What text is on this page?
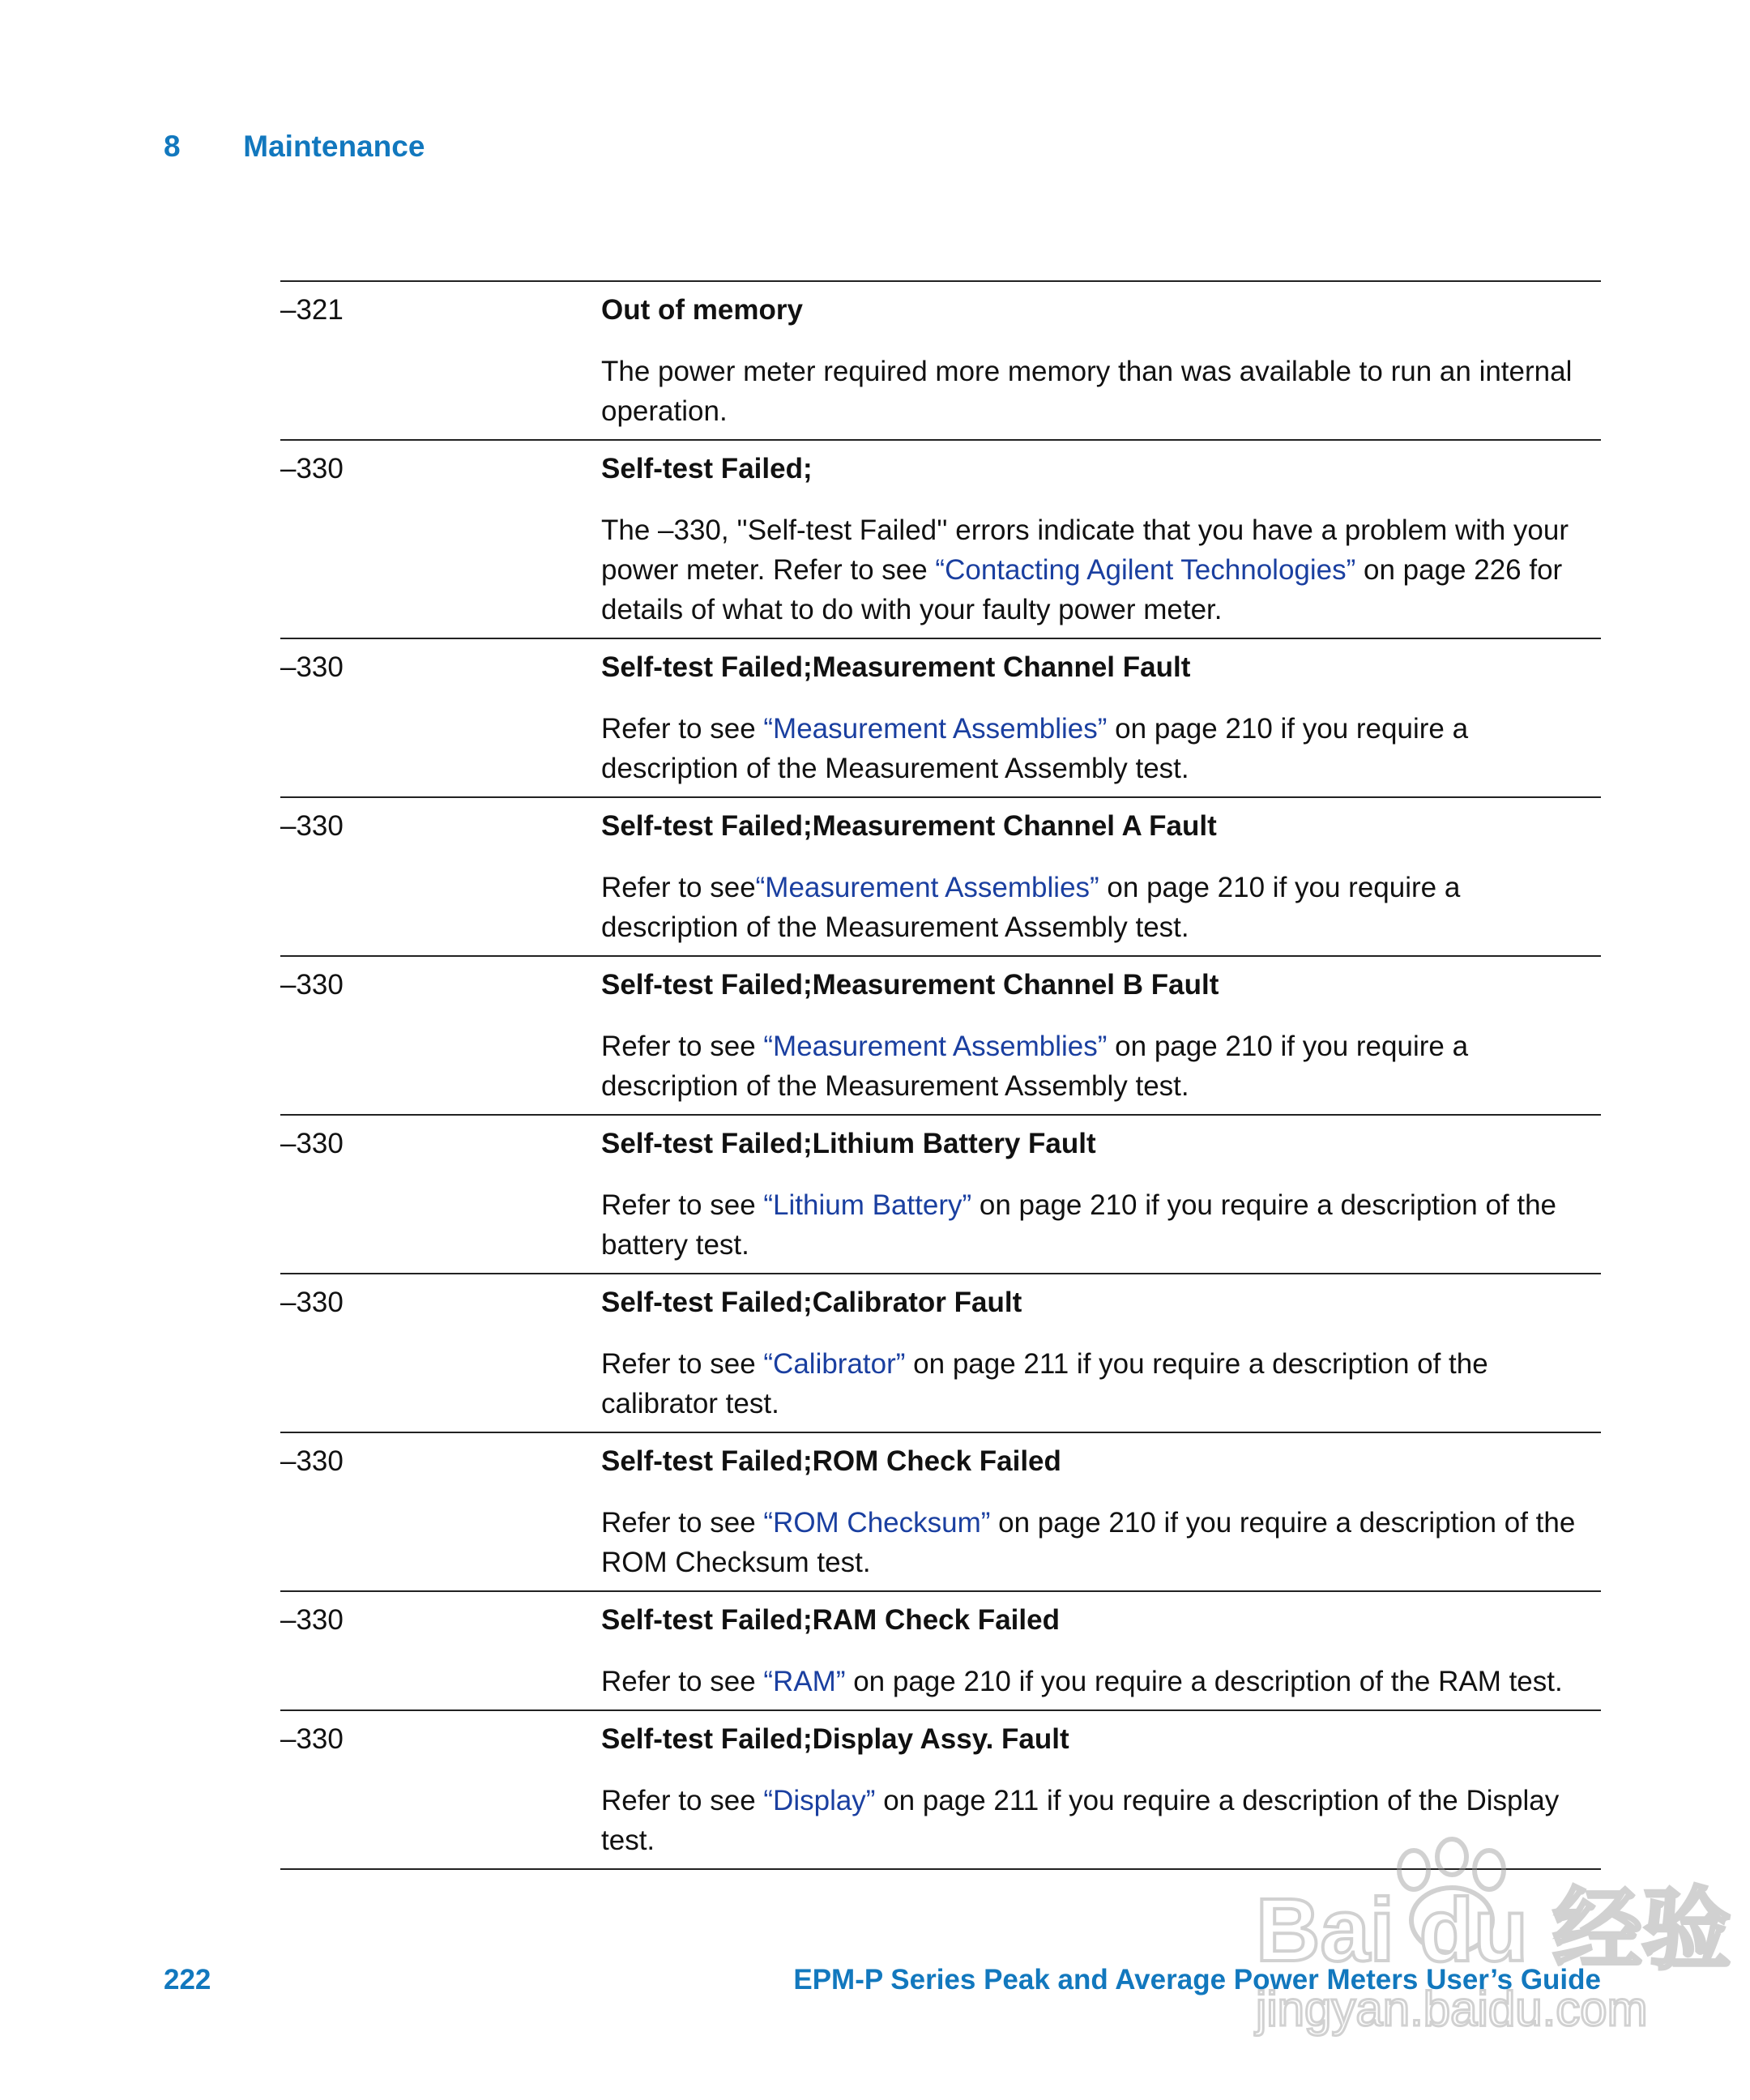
8 Maintenance
–321	Out of memory

The power meter required more memory than was available to run an internal operation.

–330	Self-test Failed;

The –330, ''Self-test Failed'' errors indicate that you have a problem with your power meter. Refer to see “Contacting Agilent Technologies” on page 226 for details of what to do with your faulty power meter.

–330	Self-test Failed;Measurement Channel Fault

Refer to see “Measurement Assemblies” on page 210 if you require a description of the Measurement Assembly test.

–330	Self-test Failed;Measurement Channel A Fault

Refer to see“Measurement Assemblies” on page 210 if you require a description of the Measurement Assembly test.

–330	Self-test Failed;Measurement Channel B Fault

Refer to see “Measurement Assemblies” on page 210 if you require a description of the Measurement Assembly test.

–330	Self-test Failed;Lithium Battery Fault

Refer to see “Lithium Battery” on page 210 if you require a description of the battery test.

–330	Self-test Failed;Calibrator Fault

Refer to see “Calibrator” on page 211 if you require a description of the calibrator test.

–330	Self-test Failed;ROM Check Failed

Refer to see “ROM Checksum” on page 210 if you require a description of the ROM Checksum test.

–330	Self-test Failed;RAM Check Failed

Refer to see “RAM” on page 210 if you require a description of the RAM test.

–330	Self-test Failed;Display Assy. Fault

Refer to see “Display” on page 211 if you require a description of the Display test.

222	EPM-P Series Peak and Average Power Meters User’s Guide
Bai du 经验
jingyan.baidu.com
